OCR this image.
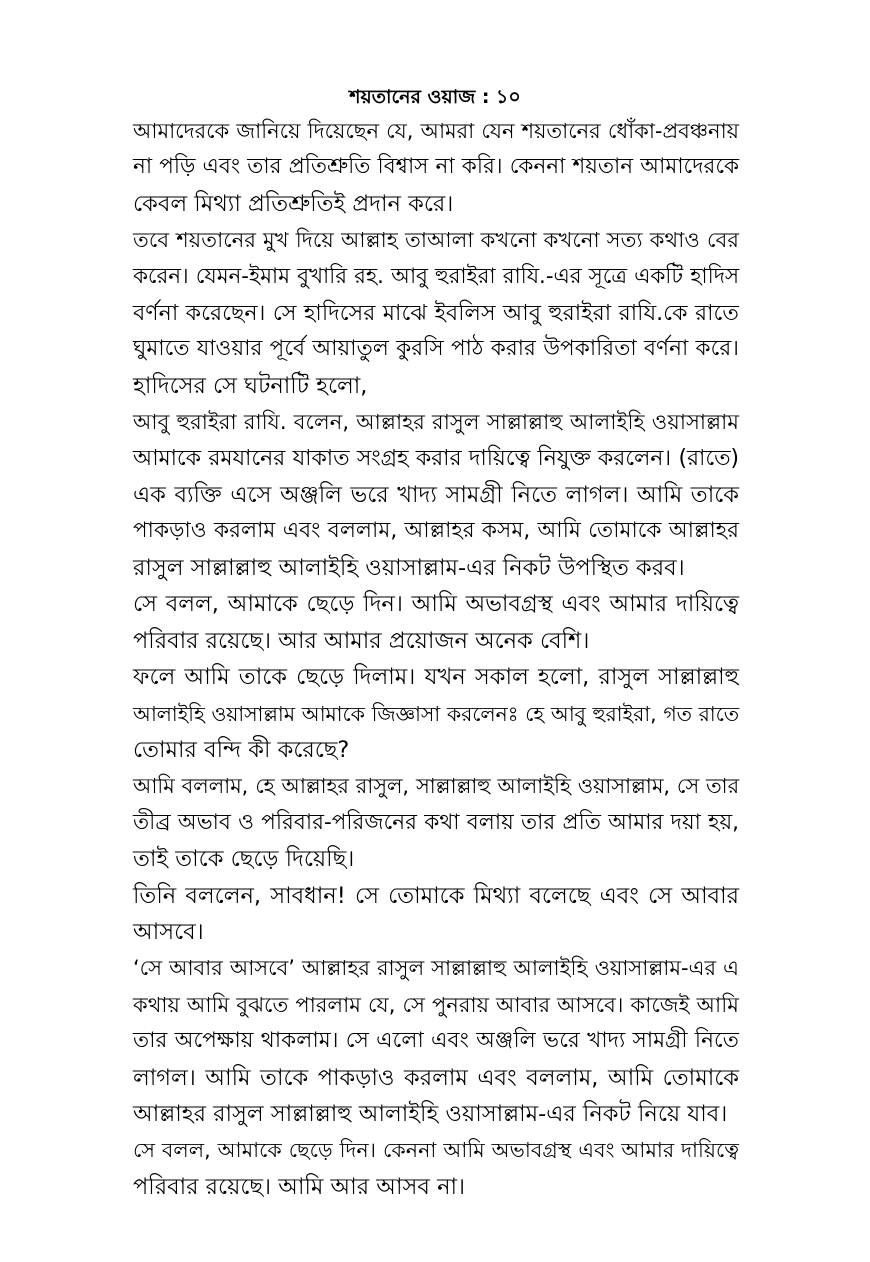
শয়তানের ওয়াজ : ১০
আমাদেরকে জানিয়ে দিয়েছেন যে, আমরা যেন শয়তানের ধোঁকা-প্রবঞ্চনায়
না পড়ি এবং তার প্রতিশ্রুতি বিশ্বাস না করি। কেননা শয়তান আমাদেরকে
কেবল মিথ্যা প্রতিশ্রুতিই প্রদান করে।
তবে শয়তানের মুখ দিয়ে আল্লাহ তাআলা কখনো কখনো সত্য কথাও বের
করেন। যেমন-ইমাম বুখারি রহ. আবু হুরাইরা রাযি.-এর সূত্রে একটি হাদিস
বর্ণনা করেছেন। সে হাদিসের মাঝে ইবলিস আবু হুরাইরা রাযি.কে রাতে
ঘুমাতে যাওয়ার পূর্বে আয়াতুল কুরসি পাঠ করার উপকারিতা বর্ণনা করে।
হাদিসের সে ঘটনাটি হলো,
আবু হুরাইরা রাযি. বলেন, আল্লাহর রাসুল সাল্লাল্লাহু আলাইহি ওয়াসাল্লাম
আমাকে রমযানের যাকাত সংগ্রহ করার দায়িত্বে নিযুক্ত করলেন। (রাতে)
এক ব্যক্তি এসে অঞ্জলি ভরে খাদ্য সামগ্রী নিতে লাগল। আমি তাকে
পাকড়াও করলাম এবং বললাম, আল্লাহর কসম, আমি তোমাকে আল্লাহর
রাসুল সাল্লাল্লাহু আলাইহি ওয়াসাল্লাম-এর নিকট উপস্থিত করব।
সে বলল, আমাকে ছেড়ে দিন। আমি অভাবগ্রস্থ এবং আমার দায়িত্বে
পরিবার রয়েছে। আর আমার প্রয়োজন অনেক বেশি।
ফলে আমি তাকে ছেড়ে দিলাম। যখন সকাল হলো, রাসুল সাল্লাল্লাহু
আলাইহি ওয়াসাল্লাম আমাকে জিজ্ঞাসা করলেনঃ হে আবু হুরাইরা, গত রাতে
তোমার বন্দি কী করেছে?
আমি বললাম, হে আল্লাহর রাসুল, সাল্লাল্লাহু আলাইহি ওয়াসাল্লাম, সে তার
তীব্র অভাব ও পরিবার-পরিজনের কথা বলায় তার প্রতি আমার দয়া হয়,
তাই তাকে ছেড়ে দিয়েছি।
তিনি বললেন, সাবধান! সে তোমাকে মিথ্যা বলেছে এবং সে আবার
আসবে।
‘সে আবার আসবে’ আল্লাহর রাসুল সাল্লাল্লাহু আলাইহি ওয়াসাল্লাম-এর এ
কথায় আমি বুঝতে পারলাম যে, সে পুনরায় আবার আসবে। কাজেই আমি
তার অপেক্ষায় থাকলাম। সে এলো এবং অঞ্জলি ভরে খাদ্য সামগ্রী নিতে
লাগল। আমি তাকে পাকড়াও করলাম এবং বললাম, আমি তোমাকে
আল্লাহর রাসুল সাল্লাল্লাহু আলাইহি ওয়াসাল্লাম-এর নিকট নিয়ে যাব।
সে বলল, আমাকে ছেড়ে দিন। কেননা আমি অভাবগ্রস্থ এবং আমার দায়িত্বে
পরিবার রয়েছে। আমি আর আসব না।
